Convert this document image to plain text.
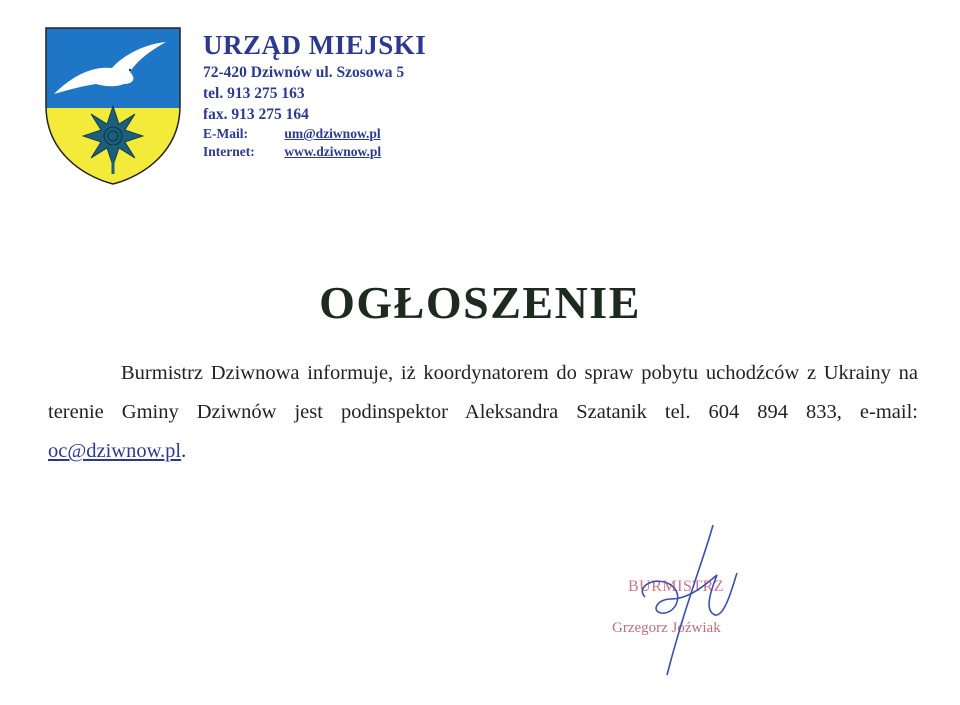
URZĄD MIEJSKI
72-420 Dziwnów ul. Szosowa 5
tel. 913 275 163
fax. 913 275 164
E-Mail:	um@dziwnow.pl
Internet: www.dziwnow.pl
OGŁOSZENIE
Burmistrz Dziwnowa informuje, iż koordynatorem do spraw pobytu uchodźców z Ukrainy na terenie Gminy Dziwnów jest podinspektor Aleksandra Szatanik tel. 604 894 833, e-mail: oc@dziwnow.pl.
BURMISTRZ
Grzegorz Jóźwiak
